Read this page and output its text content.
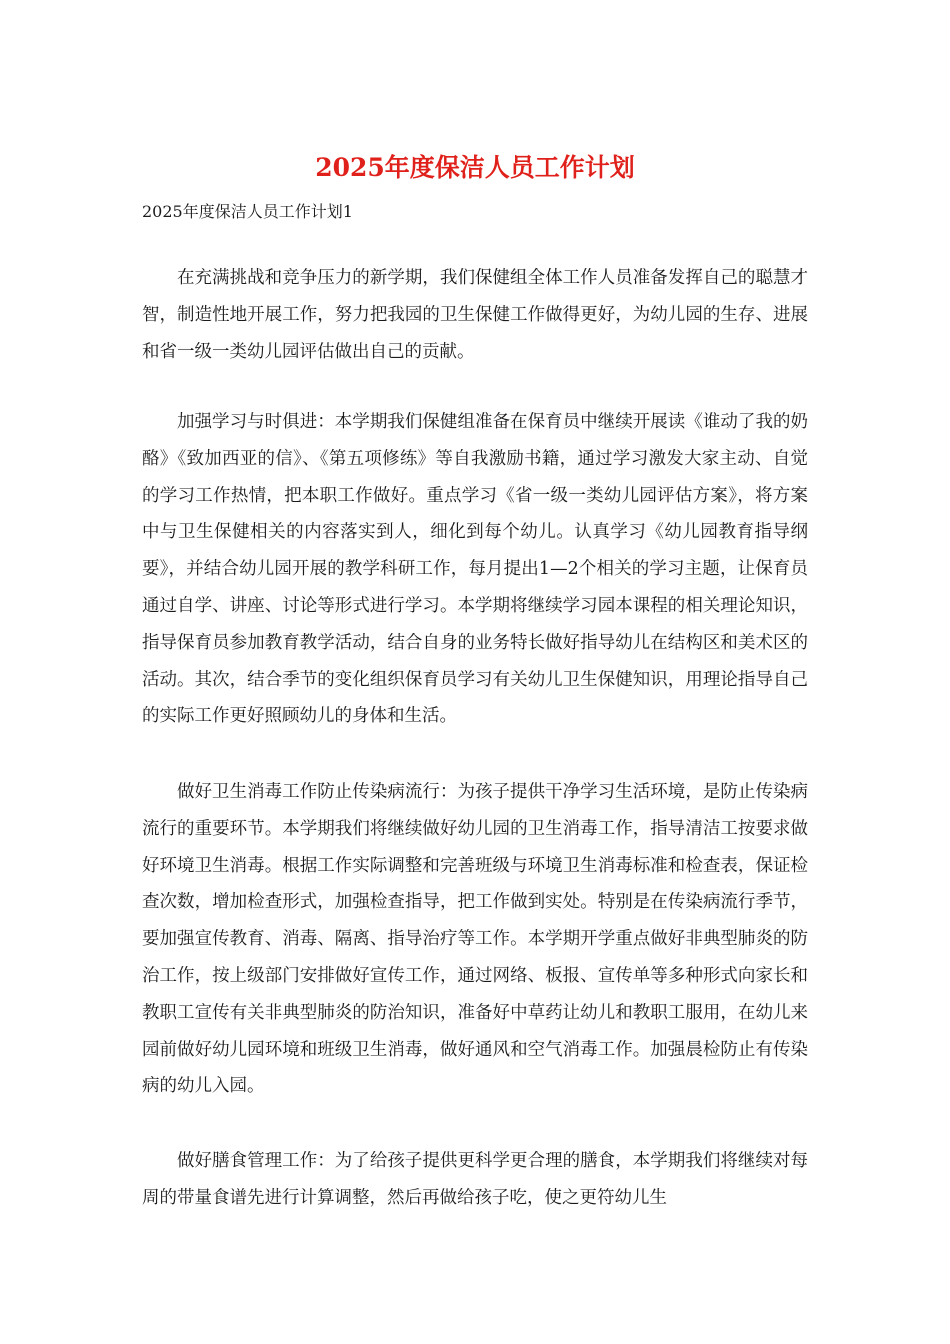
2025年度保洁人员工作计划

2025年度保洁人员工作计划1

在充满挑战和竞争压力的新学期，我们保健组全体工作人员准备发挥自己的聪慧才智，制造性地开展工作，努力把我园的卫生保健工作做得更好，为幼儿园的生存、进展和省一级一类幼儿园评估做出自己的贡献。

加强学习与时俱进：本学期我们保健组准备在保育员中继续开展读《谁动了我的奶酪》《致加西亚的信》、《第五项修练》等自我激励书籍，通过学习激发大家主动、自觉的学习工作热情，把本职工作做好。重点学习《省一级一类幼儿园评估方案》，将方案中与卫生保健相关的内容落实到人，细化到每个幼儿。认真学习《幼儿园教育指导纲要》，并结合幼儿园开展的教学科研工作，每月提出1—2个相关的学习主题，让保育员通过自学、讲座、讨论等形式进行学习。本学期将继续学习园本课程的相关理论知识，指导保育员参加教育教学活动，结合自身的业务特长做好指导幼儿在结构区和美术区的活动。其次，结合季节的变化组织保育员学习有关幼儿卫生保健知识，用理论指导自己的实际工作更好照顾幼儿的身体和生活。

做好卫生消毒工作防止传染病流行：为孩子提供干净学习生活环境，是防止传染病流行的重要环节。本学期我们将继续做好幼儿园的卫生消毒工作，指导清洁工按要求做好环境卫生消毒。根据工作实际调整和完善班级与环境卫生消毒标准和检查表，保证检查次数，增加检查形式，加强检查指导，把工作做到实处。特别是在传染病流行季节，要加强宣传教育、消毒、隔离、指导治疗等工作。本学期开学重点做好非典型肺炎的防治工作，按上级部门安排做好宣传工作，通过网络、板报、宣传单等多种形式向家长和教职工宣传有关非典型肺炎的防治知识，准备好中草药让幼儿和教职工服用，在幼儿来园前做好幼儿园环境和班级卫生消毒，做好通风和空气消毒工作。加强晨检防止有传染病的幼儿入园。

做好膳食管理工作：为了给孩子提供更科学更合理的膳食，本学期我们将继续对每周的带量食谱先进行计算调整，然后再做给孩子吃，使之更符幼儿生
